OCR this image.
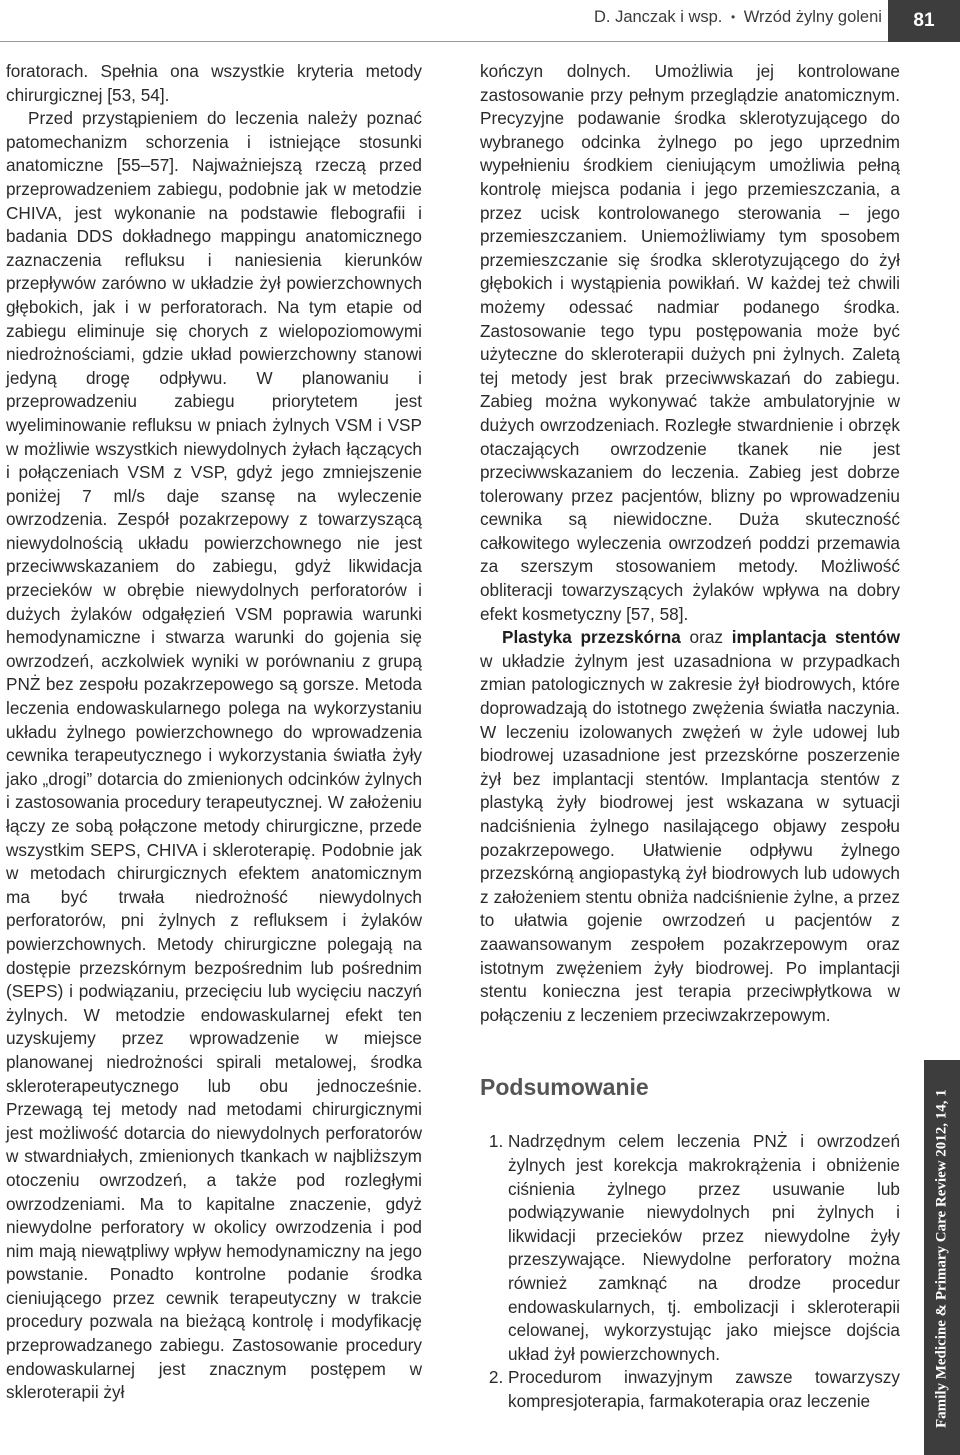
D. Janczak i wsp. • Wrzód żylny goleni	81

foratorach. Spełnia ona wszystkie kryteria metody chirurgicznej [53, 54].

Przed przystąpieniem do leczenia należy poznać patomechanizm schorzenia i istniejące stosunki anatomiczne [55–57]. Najważniejszą rzeczą przed przeprowadzeniem zabiegu, podobnie jak w metodzie CHIVA, jest wykonanie na podstawie flebografii i badania DDS dokładnego mappingu anatomicznego zaznaczenia refluksu i naniesienia kierunków przepływów zarówno w układzie żył powierzchownych głębokich, jak i w perforatorach. Na tym etapie od zabiegu eliminuje się chorych z wielopoziomowymi niedrożnościami, gdzie układ powierzchowny stanowi jedyną drogę odpływu. W planowaniu i przeprowadzeniu zabiegu priorytetem jest wyeliminowanie refluksu w pniach żylnych VSM i VSP w możliwie wszystkich niewydolnych żyłach łączących i połączeniach VSM z VSP, gdyż jego zmniejszenie poniżej 7 ml/s daje szansę na wyleczenie owrzodzenia. Zespół pozakrzepowy z towarzyszącą niewydolnością układu powierzchownego nie jest przeciwwskazaniem do zabiegu, gdyż likwidacja przecieków w obrębie niewydolnych perforatorów i dużych żylaków odgałęzień VSM poprawia warunki hemodynamiczne i stwarza warunki do gojenia się owrzodzeń, aczkolwiek wyniki w porównaniu z grupą PNŻ bez zespołu pozakrzepowego są gorsze. Metoda leczenia endowaskularnego polega na wykorzystaniu układu żylnego powierzchownego do wprowadzenia cewnika terapeutycznego i wykorzystania światła żyły jako „drogi” dotarcia do zmienionych odcinków żylnych i zastosowania procedury terapeutycznej. W założeniu łączy ze sobą połączone metody chirurgiczne, przede wszystkim SEPS, CHIVA i skleroterapię. Podobnie jak w metodach chirurgicznych efektem anatomicznym ma być trwała niedrożność niewydolnych perforatorów, pni żylnych z refluksem i żylaków powierzchownych. Metody chirurgiczne polegają na dostępie przezskórnym bezpośrednim lub pośrednim (SEPS) i podwiązaniu, przecięciu lub wycięciu naczyń żylnych. W metodzie endowaskularnej efekt ten uzyskujemy przez wprowadzenie w miejsce planowanej niedrożności spirali metalowej, środka skleroterapeutycznego lub obu jednocześnie. Przewagą tej metody nad metodami chirurgicznymi jest możliwość dotarcia do niewydolnych perforatorów w stwardniałych, zmienionych tkankach w najbliższym otoczeniu owrzodzeń, a także pod rozległymi owrzodzeniami. Ma to kapitalne znaczenie, gdyż niewydolne perforatory w okolicy owrzodzenia i pod nim mają niewątpliwy wpływ hemodynamiczny na jego powstanie. Ponadto kontrolne podanie środka cieniującego przez cewnik terapeutyczny w trakcie procedury pozwala na bieżącą kontrolę i modyfikację przeprowadzanego zabiegu. Zastosowanie procedury endowaskularnej jest znacznym postępem w skleroterapii żył

kończyn dolnych. Umożliwia jej kontrolowane zastosowanie przy pełnym przeglądzie anatomicznym. Precyzyjne podawanie środka sklerotyzującego do wybranego odcinka żylnego po jego uprzednim wypełnieniu środkiem cieniującym umożliwia pełną kontrolę miejsca podania i jego przemieszczania, a przez ucisk kontrolowanego sterowania – jego przemieszczaniem. Uniemożliwiamy tym sposobem przemieszczanie się środka sklerotyzującego do żył głębokich i wystąpienia powikłań. W każdej też chwili możemy odessać nadmiar podanego środka. Zastosowanie tego typu postępowania może być użyteczne do skleroterapii dużych pni żylnych. Zaletą tej metody jest brak przeciwwskazań do zabiegu. Zabieg można wykonywać także ambulatoryjnie w dużych owrzodzeniach. Rozległe stwardnienie i obrzęk otaczających owrzodzenie tkanek nie jest przeciwwskazaniem do leczenia. Zabieg jest dobrze tolerowany przez pacjentów, blizny po wprowadzeniu cewnika są niewidoczne. Duża skuteczność całkowitego wyleczenia owrzodzeń poddzi przemawia za szerszym stosowaniem metody. Możliwość obliteracji towarzyszących żylaków wpływa na dobry efekt kosmetyczny [57, 58].

Plastyka przezskórna oraz implantacja stentów w układzie żylnym jest uzasadniona w przypadkach zmian patologicznych w zakresie żył biodrowych, które doprowadzają do istotnego zwężenia światła naczynia. W leczeniu izolowanych zwężeń w żyle udowej lub biodrowej uzasadnione jest przezskórne poszerzenie żył bez implantacji stentów. Implantacja stentów z plastyką żyły biodrowej jest wskazana w sytuacji nadciśnienia żylnego nasilającego objawy zespołu pozakrzepowego. Ułatwienie odpływu żylnego przezskórną angiopastyką żył biodrowych lub udowych z założeniem stentu obniża nadciśnienie żylne, a przez to ułatwia gojenie owrzodzeń u pacjentów z zaawansowanym zespołem pozakrzepowym oraz istotnym zwężeniem żyły biodrowej. Po implantacji stentu konieczna jest terapia przeciwpłytkowa w połączeniu z leczeniem przeciwzakrzepowym.

Podsumowanie
1. Nadrzędnym celem leczenia PNŻ i owrzodzeń żylnych jest korekcja makrokrążenia i obniżenie ciśnienia żylnego przez usuwanie lub podwiązywanie niewydolnych pni żylnych i likwidacji przecieków przez niewydolne żyły przeszywające. Niewydolne perforatory można również zamknąć na drodze procedur endowaskularnych, tj. embolizacji i skleroterapii celowanej, wykorzystując jako miejsce dojścia układ żył powierzchownych.
2. Procedurom inwazyjnym zawsze towarzyszy kompresjoterapia, farmakoterapia oraz leczenie	Family Medicine & Primary Care Review 2012, 14, 1
